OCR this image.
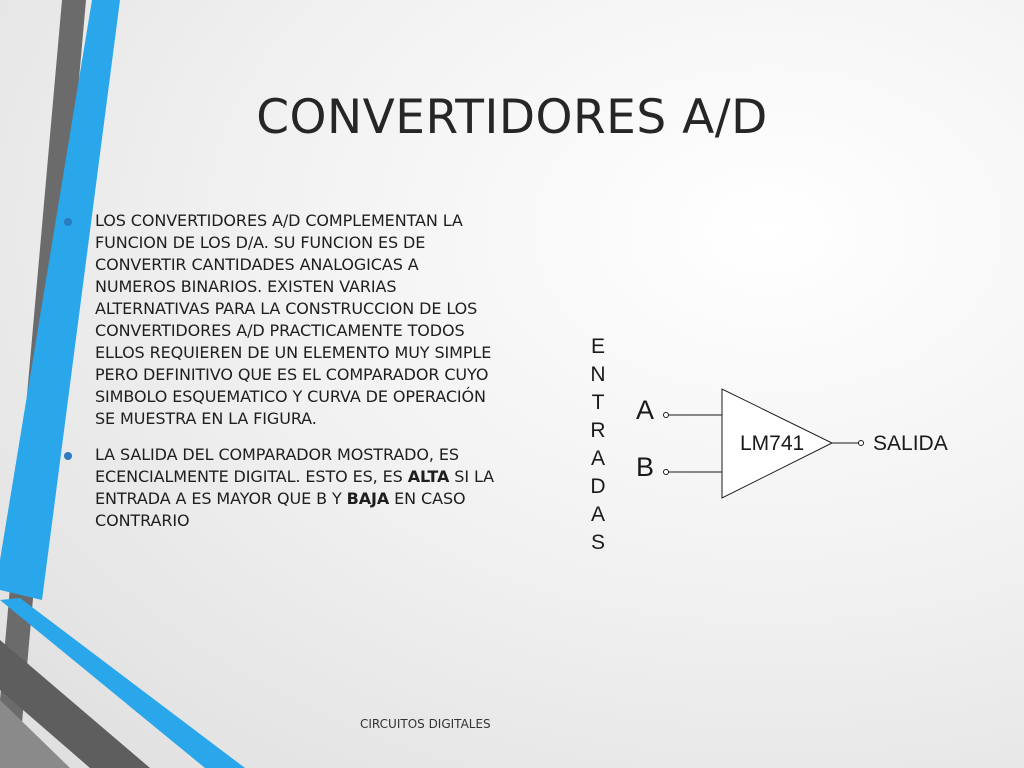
CONVERTIDORES A/D
LOS CONVERTIDORES A/D COMPLEMENTAN LA FUNCION DE LOS D/A. SU FUNCION ES DE CONVERTIR CANTIDADES ANALOGICAS A NUMEROS BINARIOS. EXISTEN VARIAS ALTERNATIVAS PARA LA CONSTRUCCION DE LOS CONVERTIDORES A/D PRACTICAMENTE TODOS ELLOS REQUIEREN DE UN ELEMENTO MUY SIMPLE PERO DEFINITIVO QUE ES EL COMPARADOR CUYO SIMBOLO ESQUEMATICO Y CURVA DE OPERACIÓN SE MUESTRA EN LA FIGURA.
LA SALIDA DEL COMPARADOR MOSTRADO, ES ECENCIALMENTE DIGITAL. ESTO ES, ES ALTA SI LA ENTRADA A ES MAYOR QUE B Y BAJA EN CASO CONTRARIO
E
N
T
R
A
D
A
S
A
B
LM741	SALIDA
CIRCUITOS DIGITALES
